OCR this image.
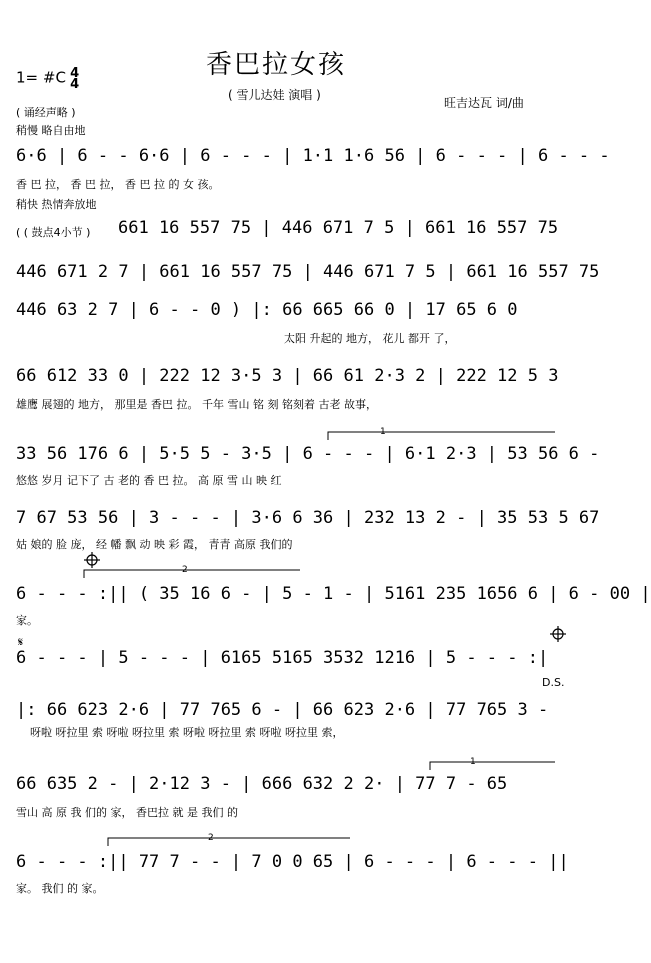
1= #C 4
4
香巴拉女孩
( 雪儿达娃 演唱 )
旺吉达瓦 词/曲
( 诵经声略 )
稍慢 略自由地
稍快 热情奔放地
6·6 | 6 - - 6·6 | 6 - - - | 1·1 1·6 56 | 6 - - - | 6 - - -
香 巴 拉， 香 巴 拉， 香 巴 拉 的 女 孩。
( ( 鼓点4小节 ) 661 16 557 75 | 446 671 7 5 | 661 16 557 75
446 671 2 7 | 661 16 557 75 | 446 671 7 5 | 661 16 557 75
446 63 2 7 | 6 - - 0 ) |: 66 665 66 0 | 17 65 6 0
太阳 升起的 地方， 花儿 都开 了，
66 612 33 0 | 222 12 3·5 3 | 66 61 2·3 2 | 222 12 5 3
雄鹰 展翅的 地方， 那里是 香巴 拉。 千年 雪山 铭 刻 铭刻着 古老 故事，
33 56 176 6 | 5·5 5 - 3·5 | 6 - - - | 6·1 2·3 | 53 56 6 -
悠悠 岁月 记下了 古 老的 香 巴 拉。 高 原 雪 山 映 红
7 67 53 56 | 3 - - - | 3·6 6 36 | 232 13 2 - | 35 53 5 67
姑 娘的 脸 庞， 经 幡 飘 动 映 彩 霞， 青青 高原 我们的
6 - - - :|| ( 35 16 6 - | 5 - 1 - | 5161 235 1656 6 | 6 - 00 |
家。
6 - - - | 5 - - - | 6165 5165 3532 1216 | 5 - - - :|
D.S.
|: 66 623 2·6 | 77 765 6 - | 66 623 2·6 | 77 765 3 -
呀啦 呀拉里 索 呀啦 呀拉里 索 呀啦 呀拉里 索 呀啦 呀拉里 索，
66 635 2 - | 2·12 3 - | 666 632 2 2· | 77 7 - 65
雪山 高 原 我 们的 家， 香巴拉 就 是 我们 的
6 - - - :|| 77 7 - - | 7 0 0 65 | 6 - - - | 6 - - - ||
家。 我们 的 家。
1
2
1
2
𝄋
